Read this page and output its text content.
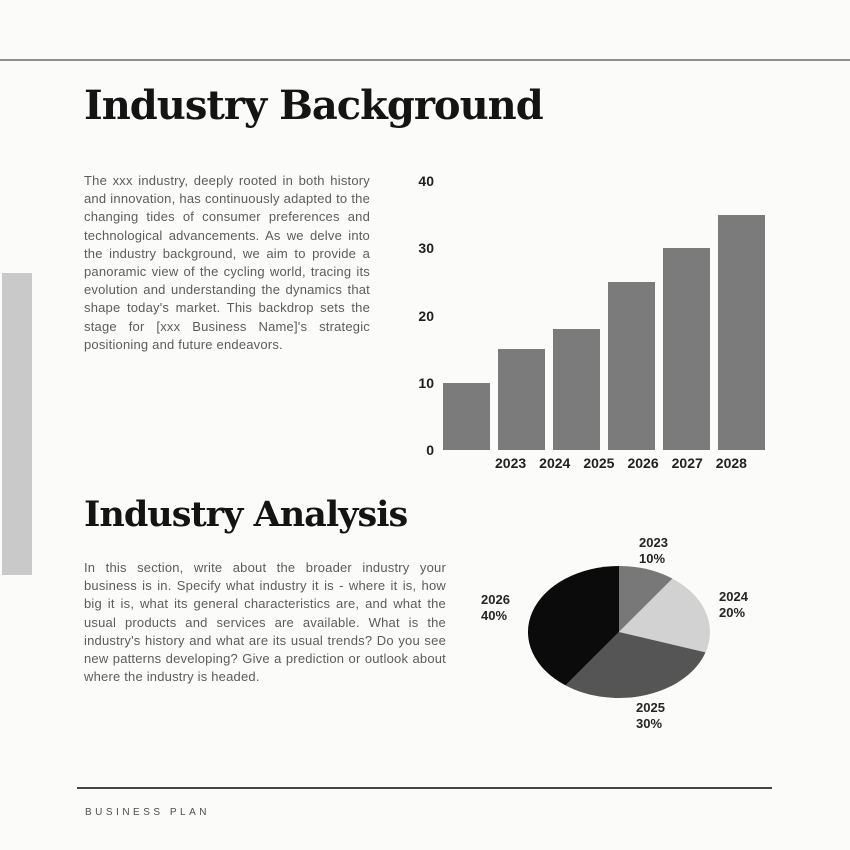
Industry Background
The xxx industry, deeply rooted in both history and innovation, has continuously adapted to the changing tides of consumer preferences and technological advancements. As we delve into the industry background, we aim to provide a panoramic view of the cycling world, tracing its evolution and understanding the dynamics that shape today's market. This backdrop sets the stage for [xxx Business Name]'s strategic positioning and future endeavors.
0
10
20
30
40
2023 2024 2025 2026 2027 2028
Industry Analysis
In this section, write about the broader industry your business is in. Specify what industry it is - where it is, how big it is, what its general characteristics are, and what the usual products and services are available. What is the industry's history and what are its usual trends? Do you see new patterns developing? Give a prediction or outlook about where the industry is headed.
2023
10%
2024
20%
2025
30%
2026
40%
BUSINESS PLAN
